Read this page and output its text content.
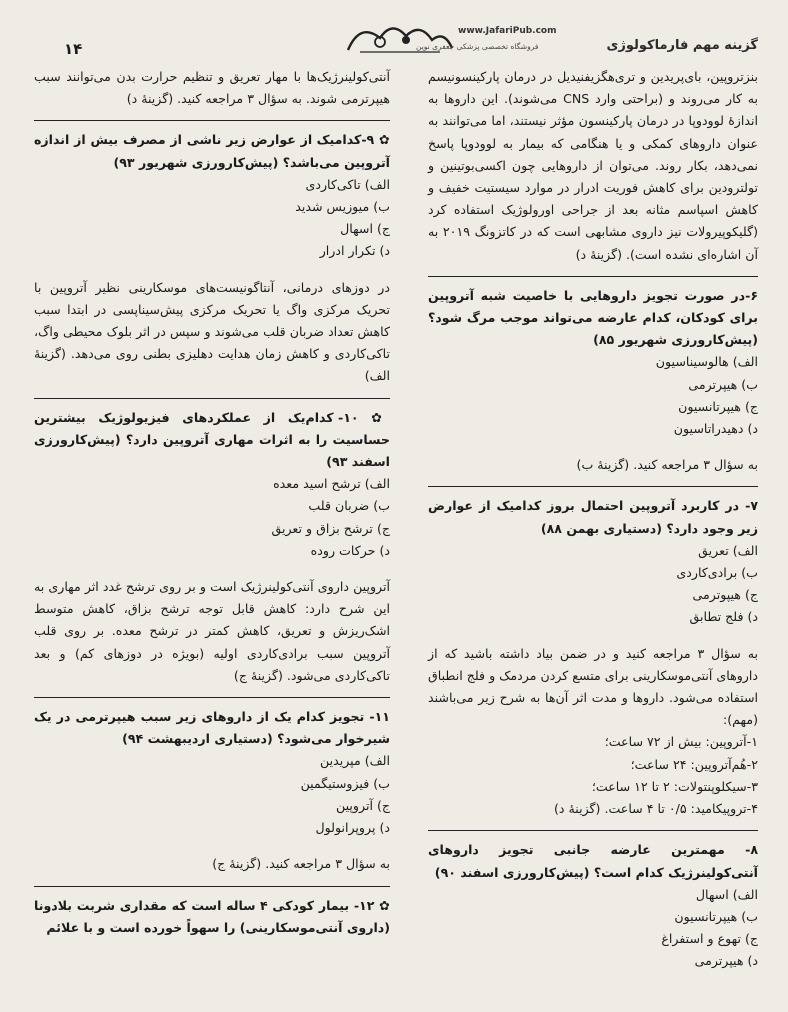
۱۴
www.JafariPub.com
فروشگاه تخصصی پزشکی جعفری نوین	گزینه مهم فارماکولوژی

بنزتروپین، بای‌پریدین و تری‌هگزیفنیدیل در درمان پارکینسونیسم به کار می‌روند و (براحتی وارد CNS می‌شوند). این داروها به اندازهٔ لوودوپا در درمان پارکینسون مؤثر نیستند، اما می‌توانند به عنوان داروهای کمکی و یا هنگامی که بیمار به لوودوپا پاسخ نمی‌دهد، بکار روند. می‌توان از داروهایی چون اکسی‌بوتینین و تولترودین برای کاهش فوریت ادرار در موارد سیستیت خفیف و کاهش اسپاسم مثانه بعد از جراحی اورولوژیک استفاده کرد (گلیکوپیرولات نیز داروی مشابهی است که در کاتزونگ ۲۰۱۹ به آن اشاره‌ای نشده است). (گزینهٔ د)

۶-در صورت تجویز داروهایی با خاصیت شبه آتروپین برای کودکان، کدام عارضه می‌تواند موجب مرگ شود؟ (پیش‌کارورزی شهریور ۸۵)

الف) هالوسیناسیون
ب) هیپرترمی
ج) هیپرتانسیون
د) دهیدراتاسیون

به سؤال ۳ مراجعه کنید. (گزینهٔ ب)

۷- در کاربرد آتروپین احتمال بروز کدامیک از عوارض زیر وجود دارد؟ (دستیاری بهمن ۸۸)

الف) تعریق
ب) برادی‌کاردی
ج) هیپوترمی
د) فلج تطابق

به سؤال ۳ مراجعه کنید و در ضمن بیاد داشته باشید که از داروهای آنتی‌موسکارینی برای متسع کردن مردمک و فلج انطباق استفاده می‌شود. داروها و مدت اثر آن‌ها به شرح زیر می‌باشند (مهم):

۱-آتروپین: بیش از ۷۲ ساعت؛
۲-هُم‌آتروپین: ۲۴ ساعت؛
۳-سیکلوپنتولات: ۲ تا ۱۲ ساعت؛
۴-تروپیکامید: ۰/۵ تا ۴ ساعت. (گزینهٔ د)

۸- مهمترین عارضه جانبی تجویز داروهای آنتی‌کولینرژیک کدام است؟ (پیش‌کارورزی اسفند ۹۰)

الف) اسهال
ب) هیپرتانسیون
ج) تهوع و استفراغ
د) هیپرترمی

آنتی‌کولینرژیک‌ها با مهار تعریق و تنظیم حرارت بدن می‌توانند سبب هیپرترمی شوند. به سؤال ۳ مراجعه کنید. (گزینهٔ د)

✿ ۹-کدامیک از عوارض زیر ناشی از مصرف بیش از اندازه آتروپین می‌باشد؟ (پیش‌کارورزی شهریور ۹۳)

الف) تاکی‌کاردی
ب) میوزیس شدید
ج) اسهال
د) تکرار ادرار

در دوزهای درمانی، آنتاگونیست‌های موسکارینی نظیر آتروپین با تحریک مرکزی واگ یا تحریک مرکزی پیش‌سیناپسی در ابتدا سبب کاهش تعداد ضربان قلب می‌شوند و سپس در اثر بلوک محیطی واگ، تاکی‌کاردی و کاهش زمان هدایت دهلیزی بطنی روی می‌دهد. (گزینهٔ الف)

✿ ۱۰- کدام‌یک از عملکردهای فیزیولوژیک بیشترین حساسیت را به اثرات مهاری آتروپین دارد؟ (پیش‌کارورزی اسفند ۹۳)

الف) ترشح اسید معده
ب) ضربان قلب
ج) ترشح بزاق و تعریق
د) حرکات روده

آتروپین داروی آنتی‌کولینرژیک است و بر روی ترشح غدد اثر مهاری به این شرح دارد: کاهش قابل توجه ترشح بزاق، کاهش متوسط اشک‌ریزش و تعریق، کاهش کمتر در ترشح معده. بر روی قلب آتروپین سبب برادی‌کاردی اولیه (بویژه در دوزهای کم) و بعد تاکی‌کاردی می‌شود. (گزینهٔ ج)

۱۱- تجویز کدام یک از داروهای زیر سبب هیپرترمی در یک شیرخوار می‌شود؟ (دستیاری اردیبهشت ۹۴)

الف) مپریدین
ب) فیزوستیگمین
ج) آتروپین
د) پروپرانولول

به سؤال ۳ مراجعه کنید. (گزینهٔ ج)

✿ ۱۲- بیمار کودکی ۴ ساله است که مقداری شربت بلادونا (داروی آنتی‌موسکارینی) را سهواً خورده است و با علائم
